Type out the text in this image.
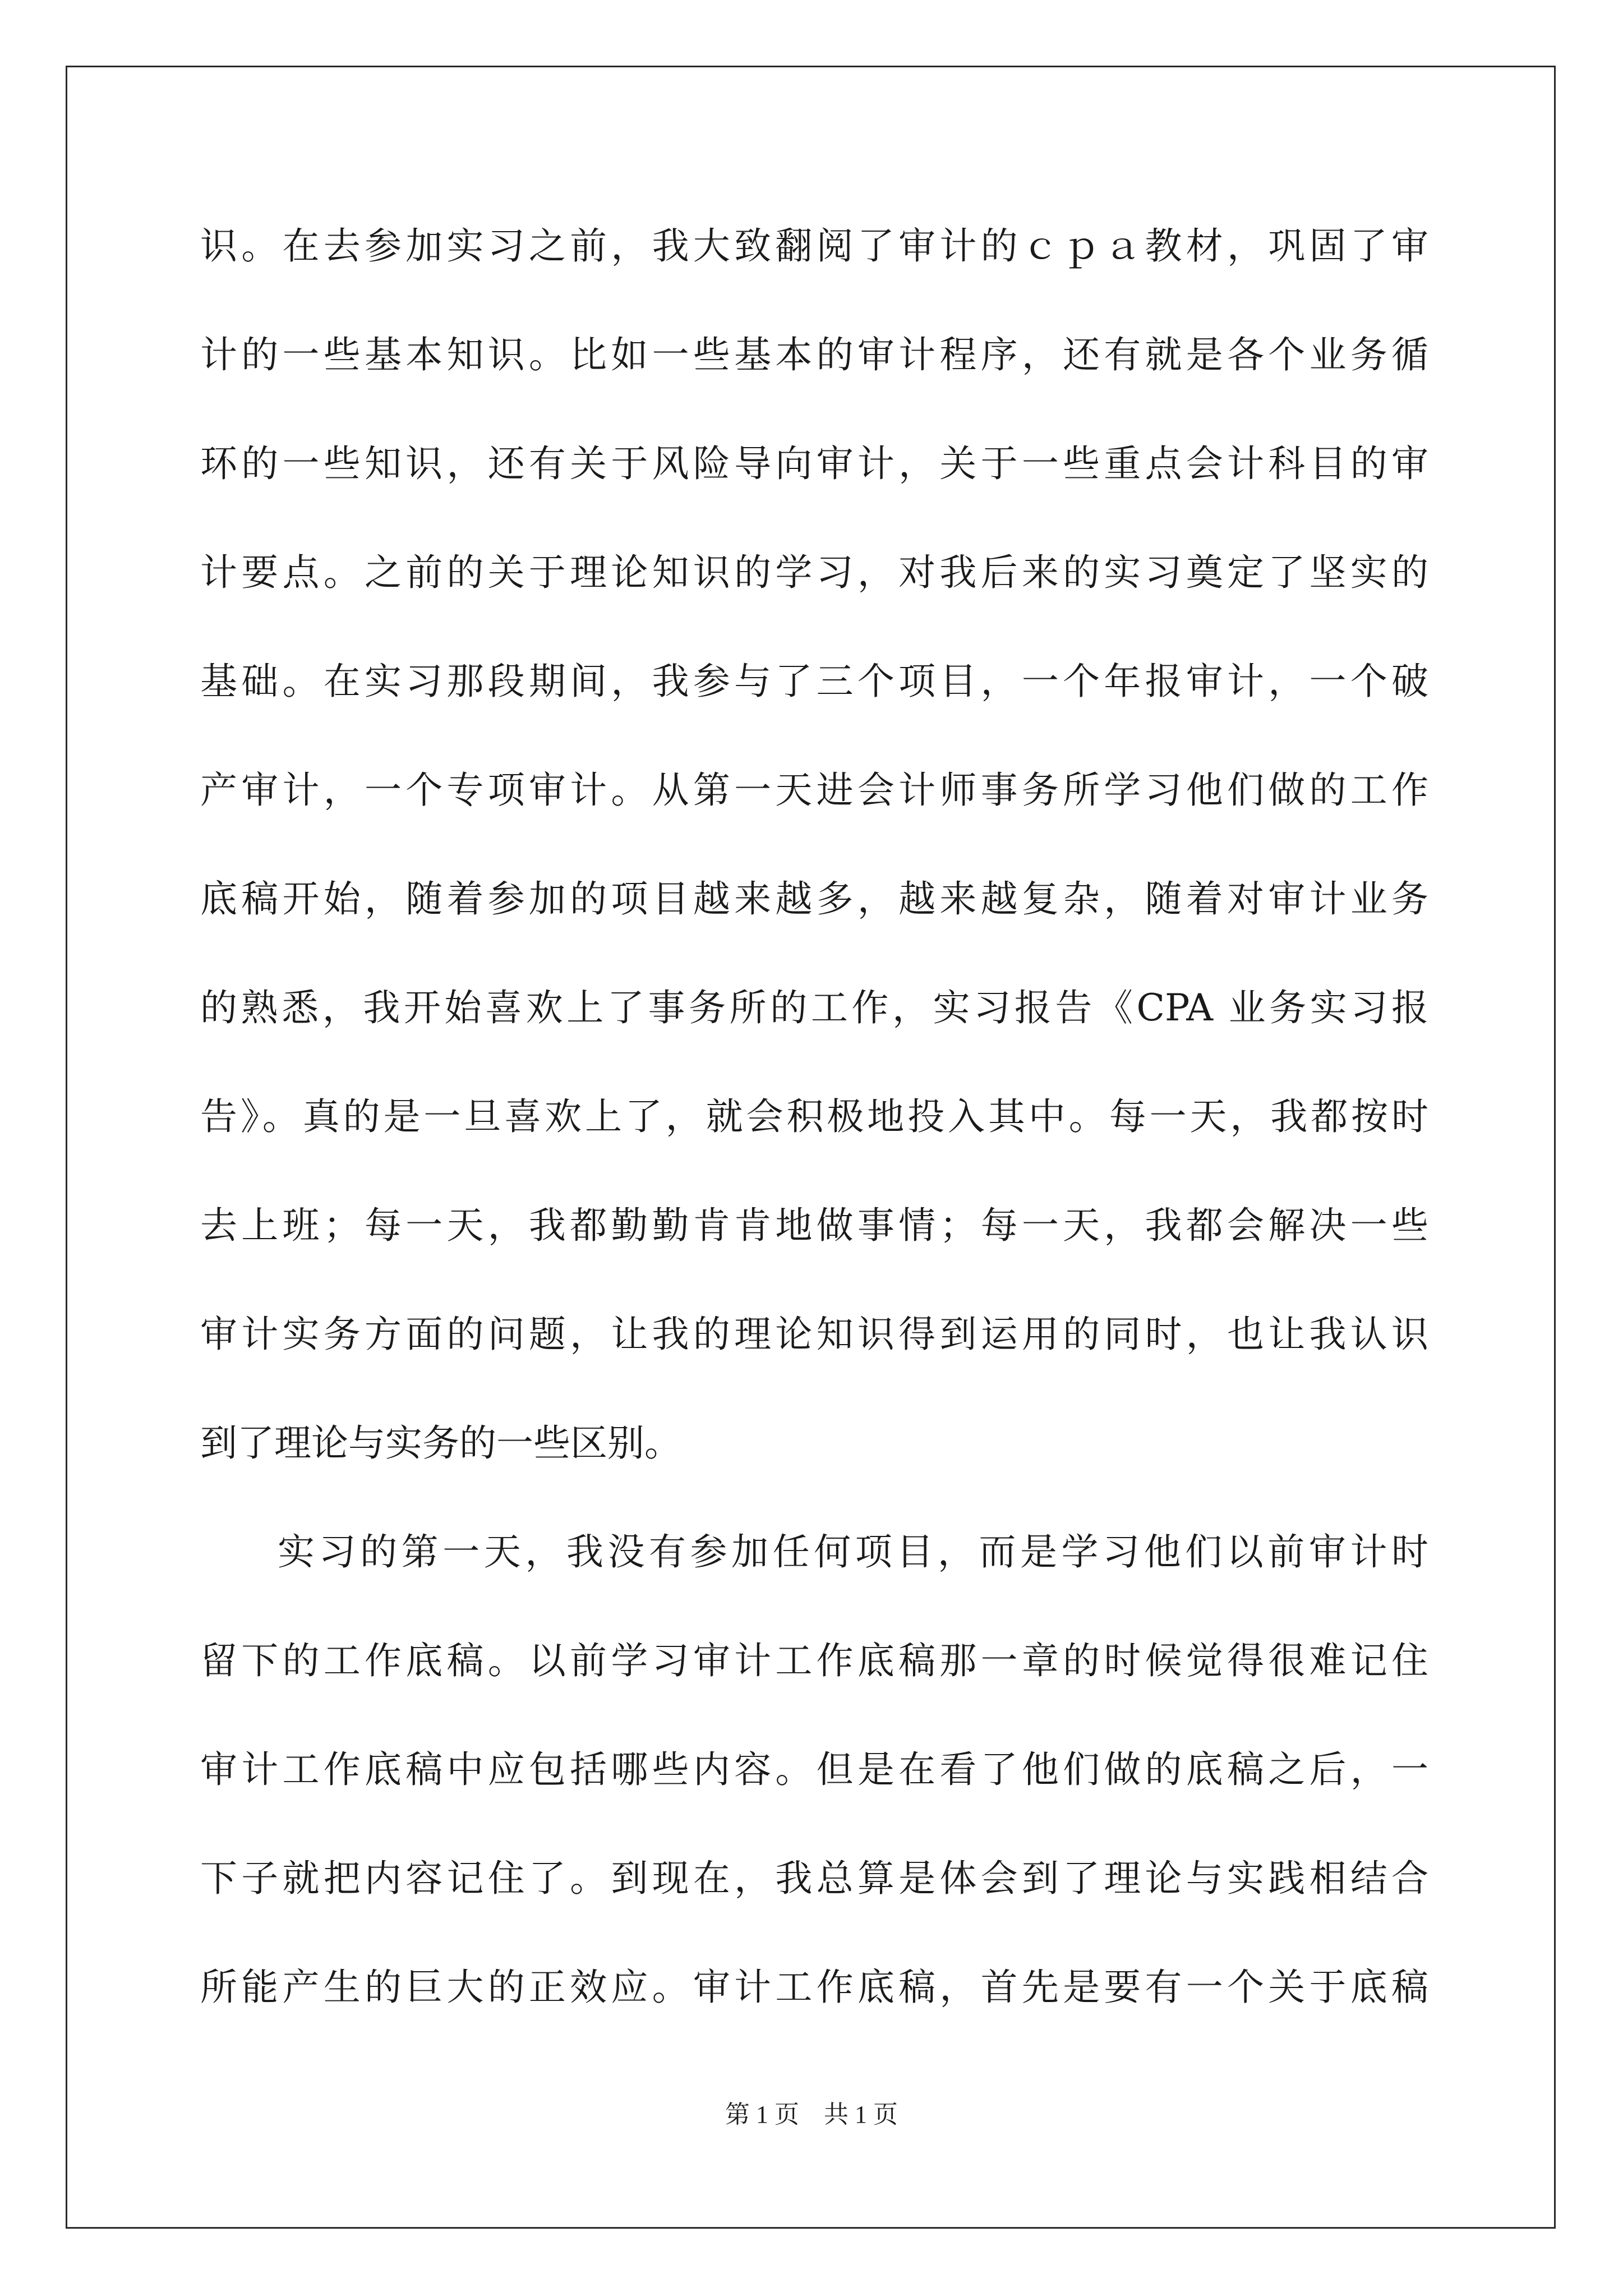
识。在去参加实习之前，我大致翻阅了审计的ｃｐａ教材，巩固了审
计的一些基本知识。比如一些基本的审计程序，还有就是各个业务循
环的一些知识，还有关于风险导向审计，关于一些重点会计科目的审
计要点。之前的关于理论知识的学习，对我后来的实习奠定了坚实的
基础。在实习那段期间，我参与了三个项目，一个年报审计，一个破
产审计，一个专项审计。从第一天进会计师事务所学习他们做的工作
底稿开始，随着参加的项目越来越多，越来越复杂，随着对审计业务
的熟悉，我开始喜欢上了事务所的工作，实习报告《CPA 业务实习报
告》。真的是一旦喜欢上了，就会积极地投入其中。每一天，我都按时
去上班；每一天，我都勤勤肯肯地做事情；每一天，我都会解决一些
审计实务方面的问题，让我的理论知识得到运用的同时，也让我认识
到了理论与实务的一些区别。
实习的第一天，我没有参加任何项目，而是学习他们以前审计时
留下的工作底稿。以前学习审计工作底稿那一章的时候觉得很难记住
审计工作底稿中应包括哪些内容。但是在看了他们做的底稿之后，一
下子就把内容记住了。到现在，我总算是体会到了理论与实践相结合
所能产生的巨大的正效应。审计工作底稿，首先是要有一个关于底稿
第 1 页　共 1 页
